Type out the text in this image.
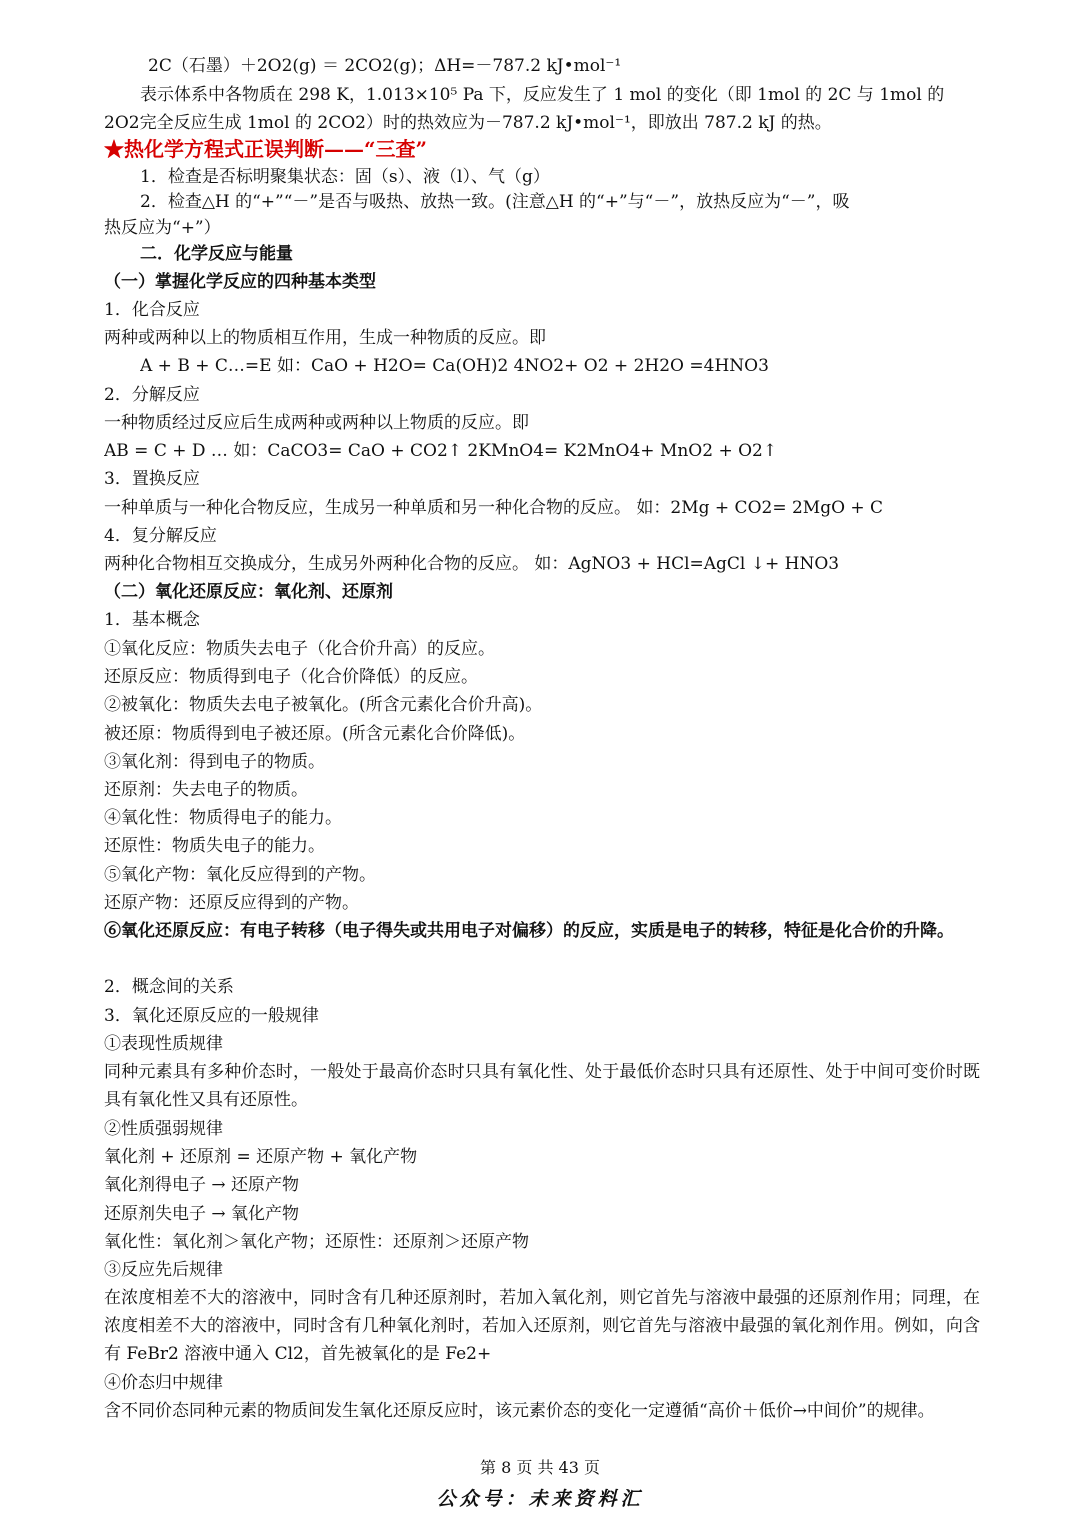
2C（石墨）＋2O2(g) ＝ 2CO2(g)；ΔH=－787.2 kJ•mol⁻¹
表示体系中各物质在 298 K，1.013×10⁵ Pa 下，反应发生了 1 mol 的变化（即 1mol 的 2C 与 1mol 的
2O2完全反应生成 1mol 的 2CO2）时的热效应为－787.2 kJ•mol⁻¹，即放出 787.2 kJ 的热。
★热化学方程式正误判断——“三查”
1．检查是否标明聚集状态：固（s）、液（l）、气（g）
2．检查△H 的“+”“－”是否与吸热、放热一致。(注意△H 的“+”与“－”，放热反应为“－”，吸
热反应为“+”）
二．化学反应与能量
（一）掌握化学反应的四种基本类型
1．化合反应
两种或两种以上的物质相互作用，生成一种物质的反应。即
A + B + C…=E 如：CaO + H2O= Ca(OH)2 4NO2+ O2 + 2H2O =4HNO3
2．分解反应
一种物质经过反应后生成两种或两种以上物质的反应。即
AB = C + D … 如：CaCO3= CaO + CO2↑ 2KMnO4= K2MnO4+ MnO2 + O2↑
3．置换反应
一种单质与一种化合物反应，生成另一种单质和另一种化合物的反应。 如：2Mg + CO2= 2MgO + C
4．复分解反应
两种化合物相互交换成分，生成另外两种化合物的反应。 如：AgNO3 + HCl=AgCl ↓+ HNO3
（二）氧化还原反应：氧化剂、还原剂
1．基本概念
①氧化反应：物质失去电子（化合价升高）的反应。
还原反应：物质得到电子（化合价降低）的反应。
②被氧化：物质失去电子被氧化。(所含元素化合价升高)。
被还原：物质得到电子被还原。(所含元素化合价降低)。
③氧化剂：得到电子的物质。
还原剂：失去电子的物质。
④氧化性：物质得电子的能力。
还原性：物质失电子的能力。
⑤氧化产物：氧化反应得到的产物。
还原产物：还原反应得到的产物。
⑥氧化还原反应：有电子转移（电子得失或共用电子对偏移）的反应，实质是电子的转移，特征是化合价的升降。
2．概念间的关系
3．氧化还原反应的一般规律
①表现性质规律
同种元素具有多种价态时，一般处于最高价态时只具有氧化性、处于最低价态时只具有还原性、处于中间可变价时既具有氧化性又具有还原性。
②性质强弱规律
氧化剂 + 还原剂 = 还原产物 + 氧化产物
氧化剂得电子 → 还原产物
还原剂失电子 → 氧化产物
氧化性：氧化剂＞氧化产物；还原性：还原剂＞还原产物
③反应先后规律
在浓度相差不大的溶液中，同时含有几种还原剂时，若加入氧化剂，则它首先与溶液中最强的还原剂作用；同理，在浓度相差不大的溶液中，同时含有几种氧化剂时，若加入还原剂，则它首先与溶液中最强的氧化剂作用。例如，向含有 FeBr2 溶液中通入 Cl2，首先被氧化的是 Fe2+
④价态归中规律
含不同价态同种元素的物质间发生氧化还原反应时，该元素价态的变化一定遵循“高价＋低价→中间价”的规律。
第 8 页 共 43 页
公众号：未来资料汇
